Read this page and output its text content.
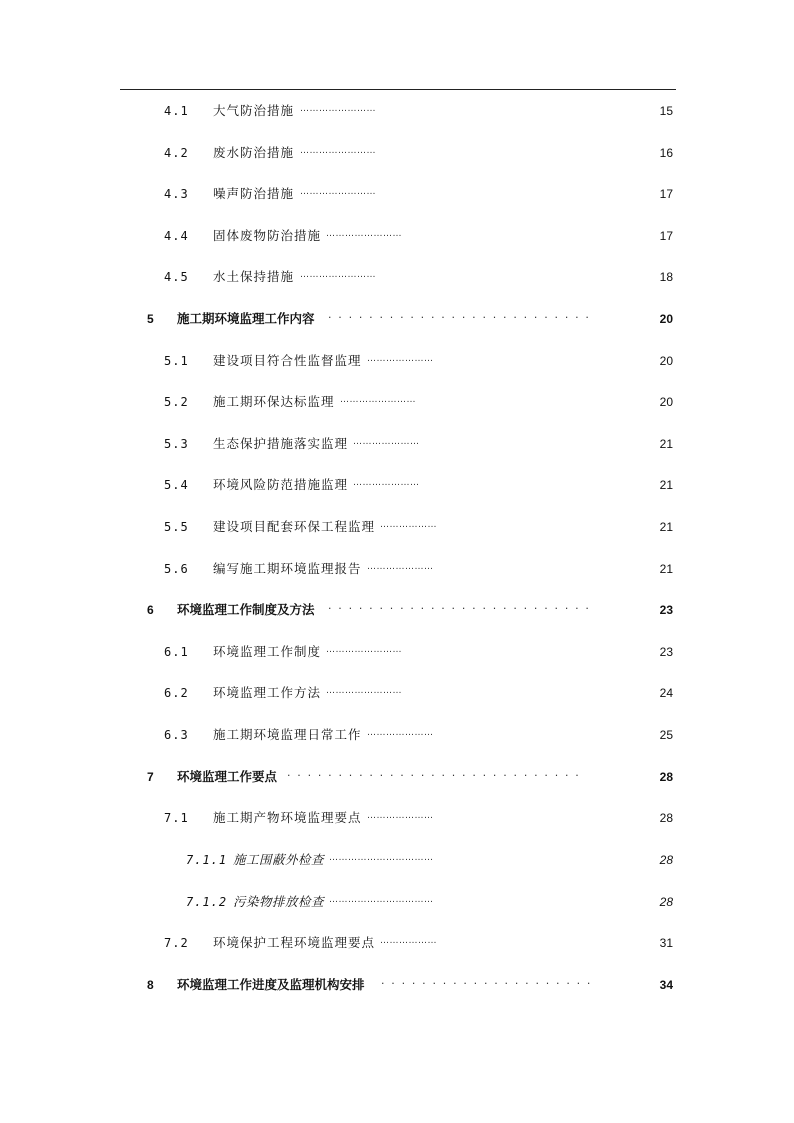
4.1 大气防治措施 ……………………	15
4.2 废水防治措施 ……………………	16
4.3 噪声防治措施 ……………………	17
4.4 固体废物防治措施 ……………………	17
4.5 水土保持措施 ……………………	18
5 施工期环境监理工作内容 ··························	20
5.1 建设项目符合性监督监理 …………………	20
5.2 施工期环保达标监理 ……………………	20
5.3 生态保护措施落实监理 …………………	21
5.4 环境风险防范措施监理 …………………	21
5.5 建设项目配套环保工程监理 ………………	21
5.6 编写施工期环境监理报告 …………………	21
6 环境监理工作制度及方法 ··························	23
6.1 环境监理工作制度 ……………………	23
6.2 环境监理工作方法 ……………………	24
6.3 施工期环境监理日常工作 …………………	25
7 环境监理工作要点 ·····························	28
7.1 施工期产物环境监理要点 …………………	28
7.1.1 施工围蔽外检查 ……………………………	28
7.1.2 污染物排放检查 ……………………………	28
7.2 环境保护工程环境监理要点 ………………	31
8 环境监理工作进度及监理机构安排 ·····················	34
